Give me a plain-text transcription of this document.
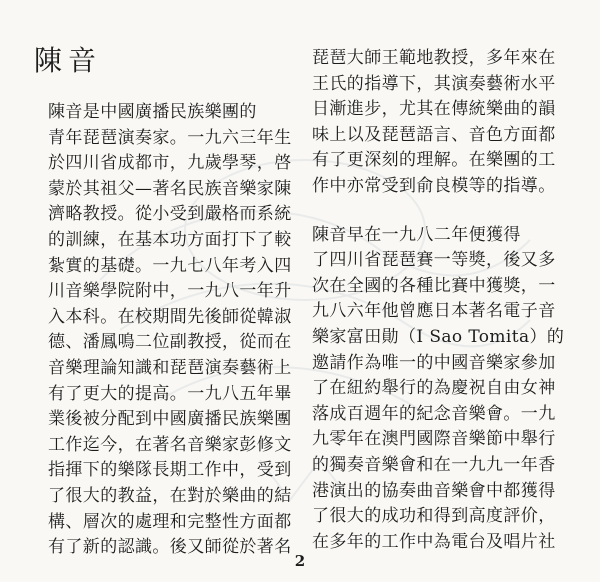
陳音
陳音是中國廣播民族樂團的
青年琵琶演奏家。一九六三年生
於四川省成都市，九歲學琴，啓
蒙於其祖父—著名民族音樂家陳
濟略教授。從小受到嚴格而系統
的訓練，在基本功方面打下了較
紮實的基礎。一九七八年考入四
川音樂學院附中，一九八一年升
入本科。在校期間先後師從韓淑
德、潘鳳鳴二位副教授，從而在
音樂理論知識和琵琶演奏藝術上
有了更大的提高。一九八五年畢
業後被分配到中國廣播民族樂團
工作迄今，在著名音樂家彭修文
指揮下的樂隊長期工作中，受到
了很大的教益，在對於樂曲的結
構、層次的處理和完整性方面都
有了新的認識。後又師從於著名
琵琶大師王範地教授，多年來在
王氏的指導下，其演奏藝術水平
日漸進步，尤其在傳統樂曲的韻
味上以及琵琶語言、音色方面都
有了更深刻的理解。在樂團的工
作中亦常受到俞良模等的指導。
陳音早在一九八二年便獲得
了四川省琵琶賽一等獎，後又多
次在全國的各種比賽中獲獎，一
九八六年他曾應日本著名電子音
樂家富田勛（I Sao Tomita）的
邀請作為唯一的中國音樂家參加
了在紐約舉行的為慶祝自由女神
落成百週年的紀念音樂會。一九
九零年在澳門國際音樂節中舉行
的獨奏音樂會和在一九九一年香
港演出的協奏曲音樂會中都獲得
了很大的成功和得到高度評价，
在多年的工作中為電台及唱片社
2
